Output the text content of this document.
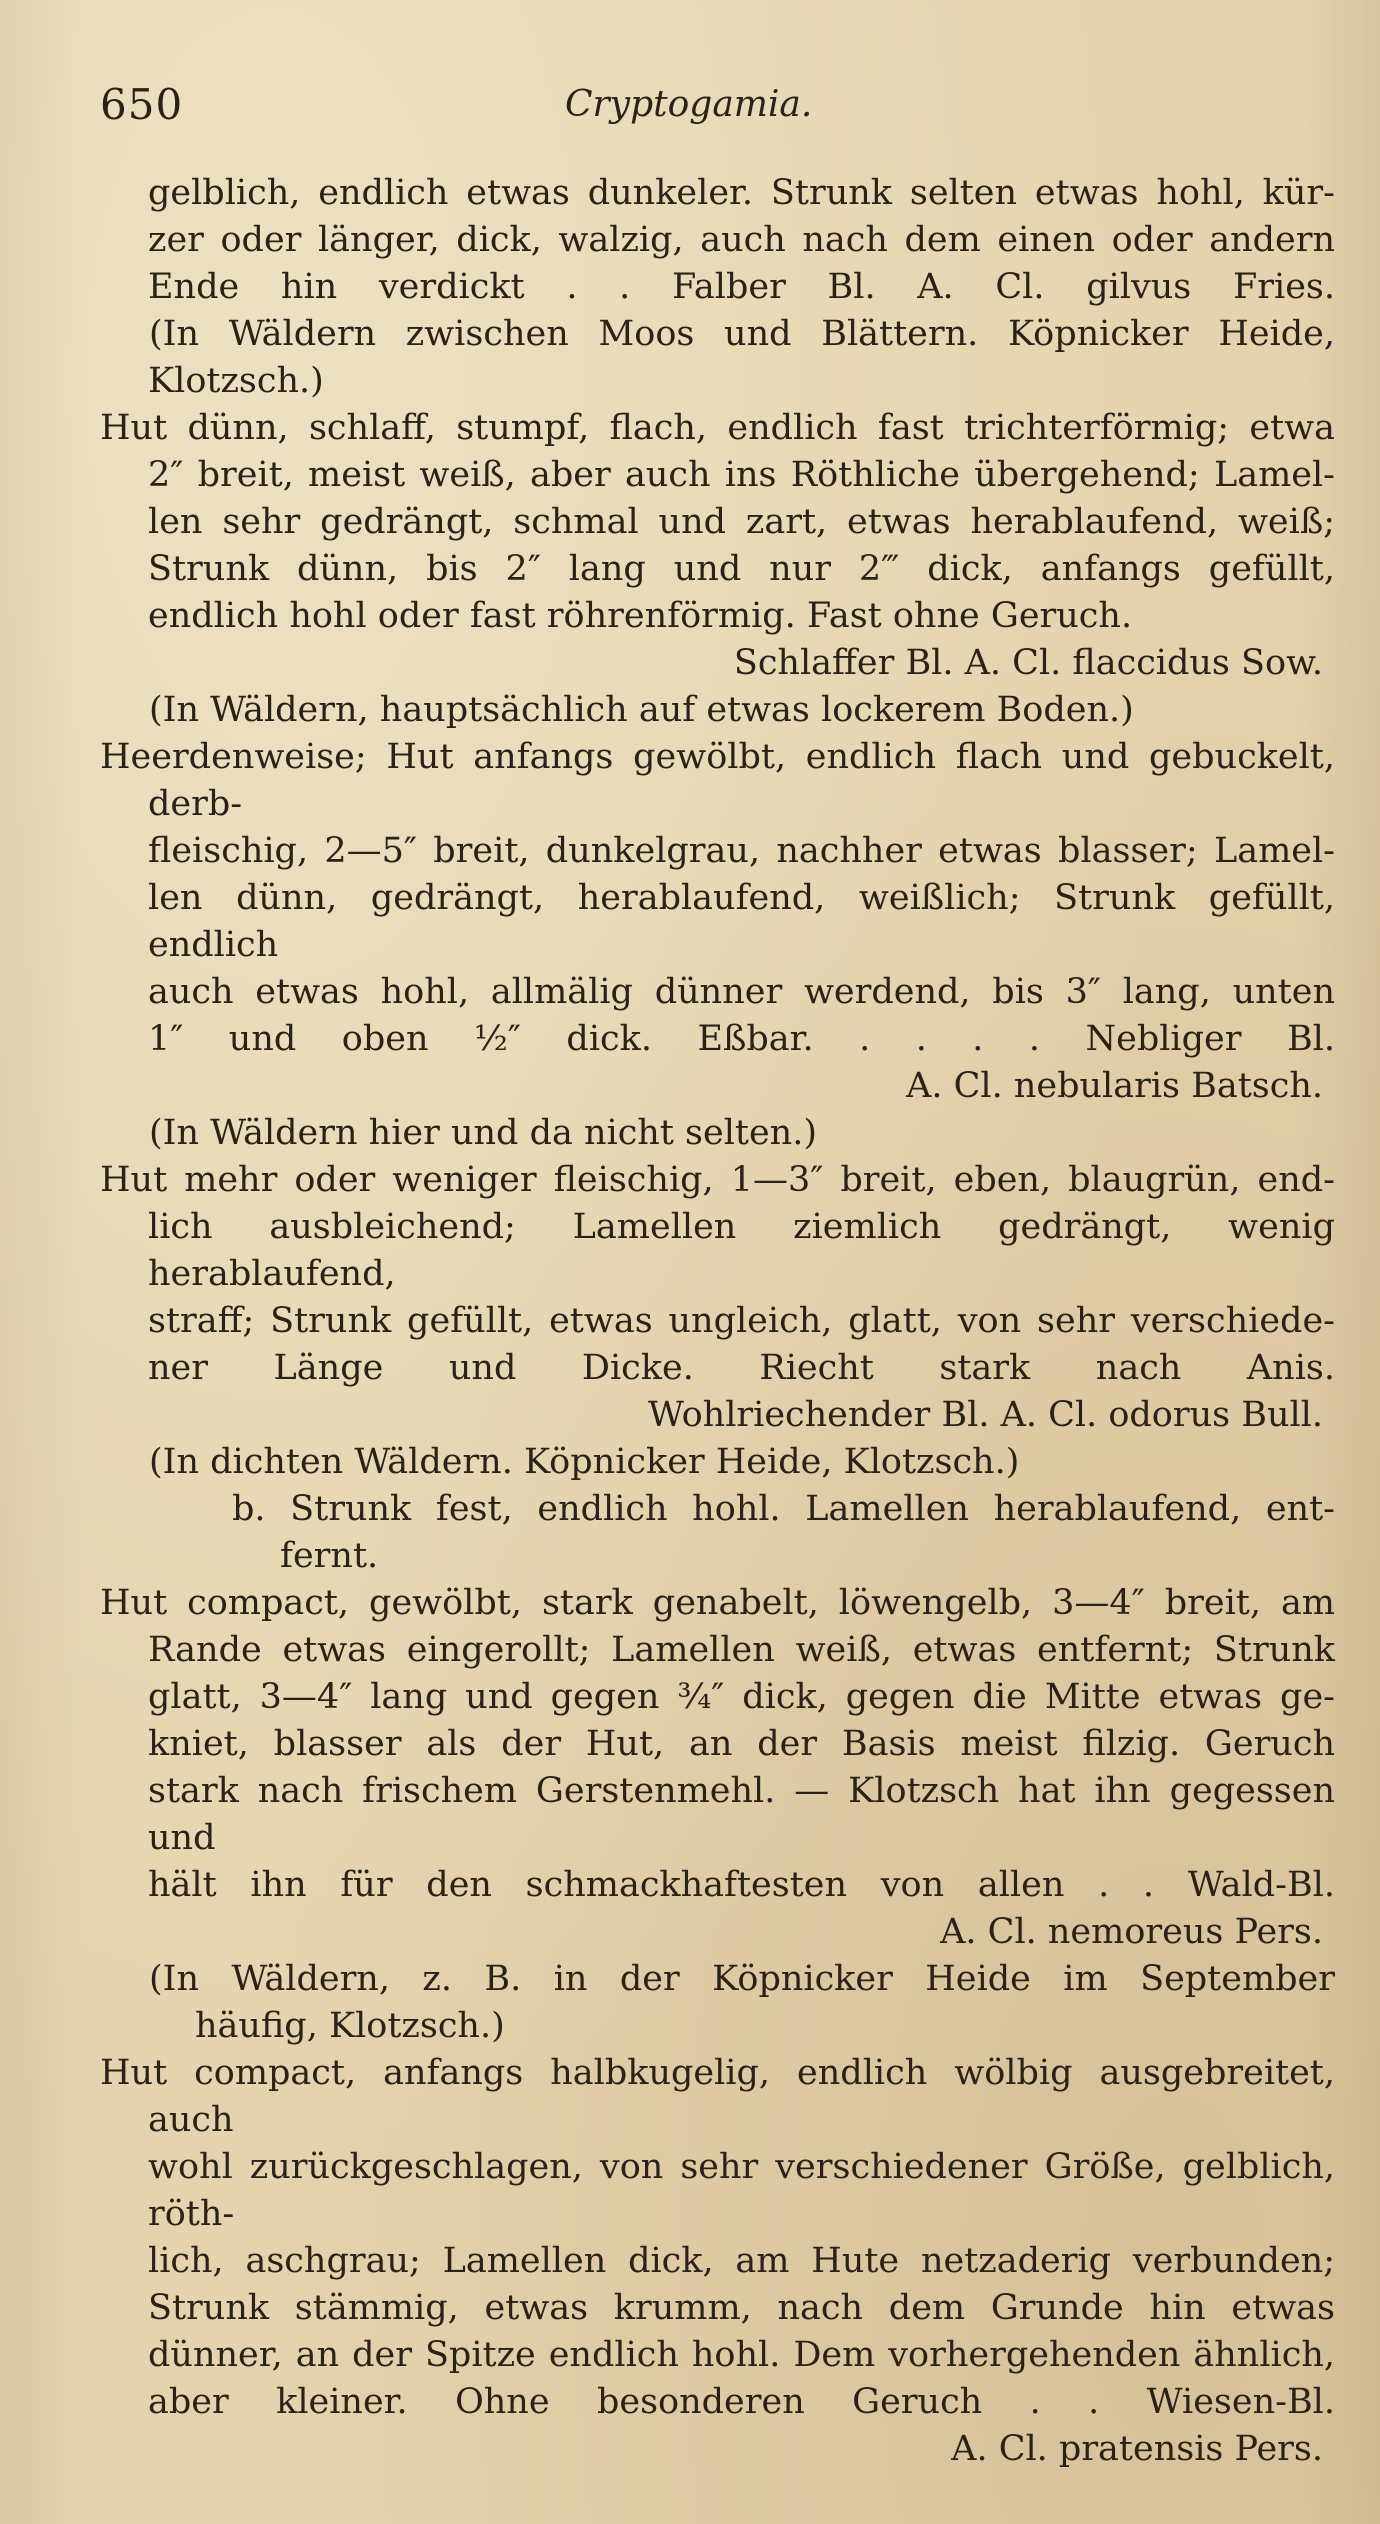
650	Cryptogamia.

gelblich, endlich etwas dunkeler. Strunk selten etwas hohl, kür-

zer oder länger, dick, walzig, auch nach dem einen oder andern

Ende hin verdickt . . Falber Bl. A. Cl. gilvus Fries.

(In Wäldern zwischen Moos und Blättern. Köpnicker Heide,

Klotzsch.)

Hut dünn, schlaff, stumpf, flach, endlich fast trichterförmig; etwa

2″ breit, meist weiß, aber auch ins Röthliche übergehend; Lamel-

len sehr gedrängt, schmal und zart, etwas herablaufend, weiß;

Strunk dünn, bis 2″ lang und nur 2‴ dick, anfangs gefüllt,

endlich hohl oder fast röhrenförmig. Fast ohne Geruch.

Schlaffer Bl. A. Cl. flaccidus Sow.

(In Wäldern, hauptsächlich auf etwas lockerem Boden.)

Heerdenweise; Hut anfangs gewölbt, endlich flach und gebuckelt, derb-

fleischig, 2—5″ breit, dunkelgrau, nachher etwas blasser; Lamel-

len dünn, gedrängt, herablaufend, weißlich; Strunk gefüllt, endlich

auch etwas hohl, allmälig dünner werdend, bis 3″ lang, unten

1″ und oben ½″ dick. Eßbar. . . . . Nebliger Bl.

A. Cl. nebularis Batsch.

(In Wäldern hier und da nicht selten.)

Hut mehr oder weniger fleischig, 1—3″ breit, eben, blaugrün, end-

lich ausbleichend; Lamellen ziemlich gedrängt, wenig herablaufend,

straff; Strunk gefüllt, etwas ungleich, glatt, von sehr verschiede-

ner Länge und Dicke. Riecht stark nach Anis.

Wohlriechender Bl. A. Cl. odorus Bull.

(In dichten Wäldern. Köpnicker Heide, Klotzsch.)

b. Strunk fest, endlich hohl. Lamellen herablaufend, ent-

fernt.

Hut compact, gewölbt, stark genabelt, löwengelb, 3—4″ breit, am

Rande etwas eingerollt; Lamellen weiß, etwas entfernt; Strunk

glatt, 3—4″ lang und gegen ¾″ dick, gegen die Mitte etwas ge-

kniet, blasser als der Hut, an der Basis meist filzig. Geruch

stark nach frischem Gerstenmehl. — Klotzsch hat ihn gegessen und

hält ihn für den schmackhaftesten von allen . . Wald-Bl.

A. Cl. nemoreus Pers.

(In Wäldern, z. B. in der Köpnicker Heide im September

häufig, Klotzsch.)

Hut compact, anfangs halbkugelig, endlich wölbig ausgebreitet, auch

wohl zurückgeschlagen, von sehr verschiedener Größe, gelblich, röth-

lich, aschgrau; Lamellen dick, am Hute netzaderig verbunden;

Strunk stämmig, etwas krumm, nach dem Grunde hin etwas

dünner, an der Spitze endlich hohl. Dem vorhergehenden ähnlich,

aber kleiner. Ohne besonderen Geruch . . Wiesen-Bl.

A. Cl. pratensis Pers.
